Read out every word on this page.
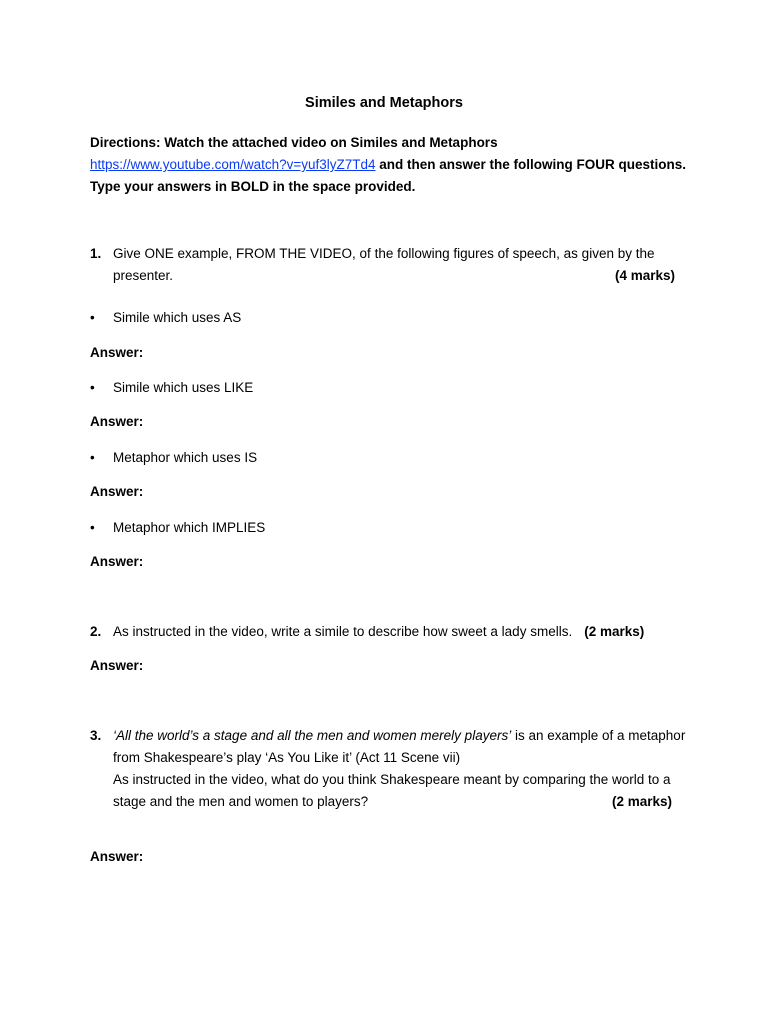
Similes and Metaphors
Directions: Watch the attached video on Similes and Metaphors
https://www.youtube.com/watch?v=yuf3lyZ7Td4 and then answer the following FOUR questions. Type your answers in BOLD in the space provided.
1. Give ONE example, FROM THE VIDEO, of the following figures of speech, as given by the presenter.	(4 marks)
• Simile which uses AS
Answer:
• Simile which uses LIKE
Answer:
• Metaphor which uses IS
Answer:
• Metaphor which IMPLIES
Answer:
2. As instructed in the video, write a simile to describe how sweet a lady smells. (2 marks)
Answer:
3. ‘All the world’s a stage and all the men and women merely players’ is an example of a metaphor from Shakespeare’s play ‘As You Like it’ (Act 11 Scene vii)
As instructed in the video, what do you think Shakespeare meant by comparing the world to a stage and the men and women to players?	(2 marks)
Answer:
